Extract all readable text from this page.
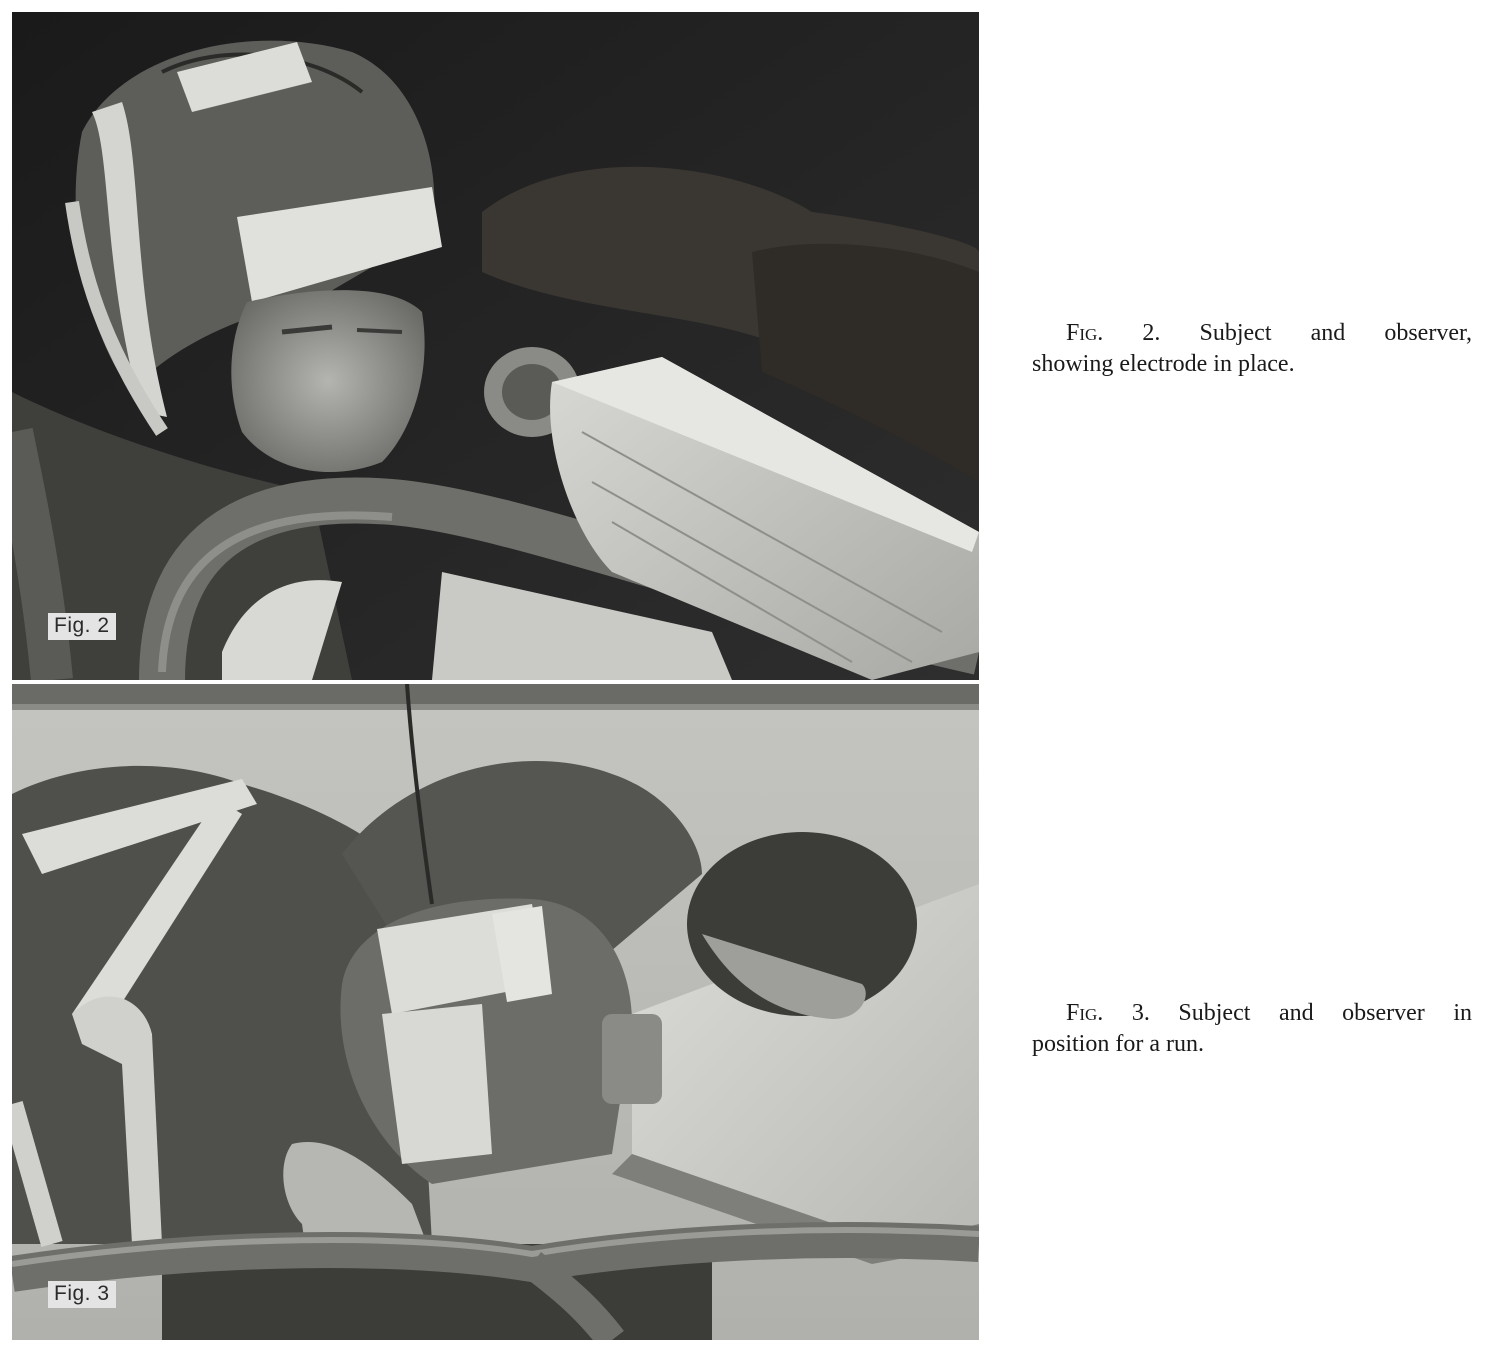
Fig. 2
Fig. 3
Fig. 2. Subject and observer,
showing electrode in place.
Fig. 3. Subject and observer in
position for a run.
